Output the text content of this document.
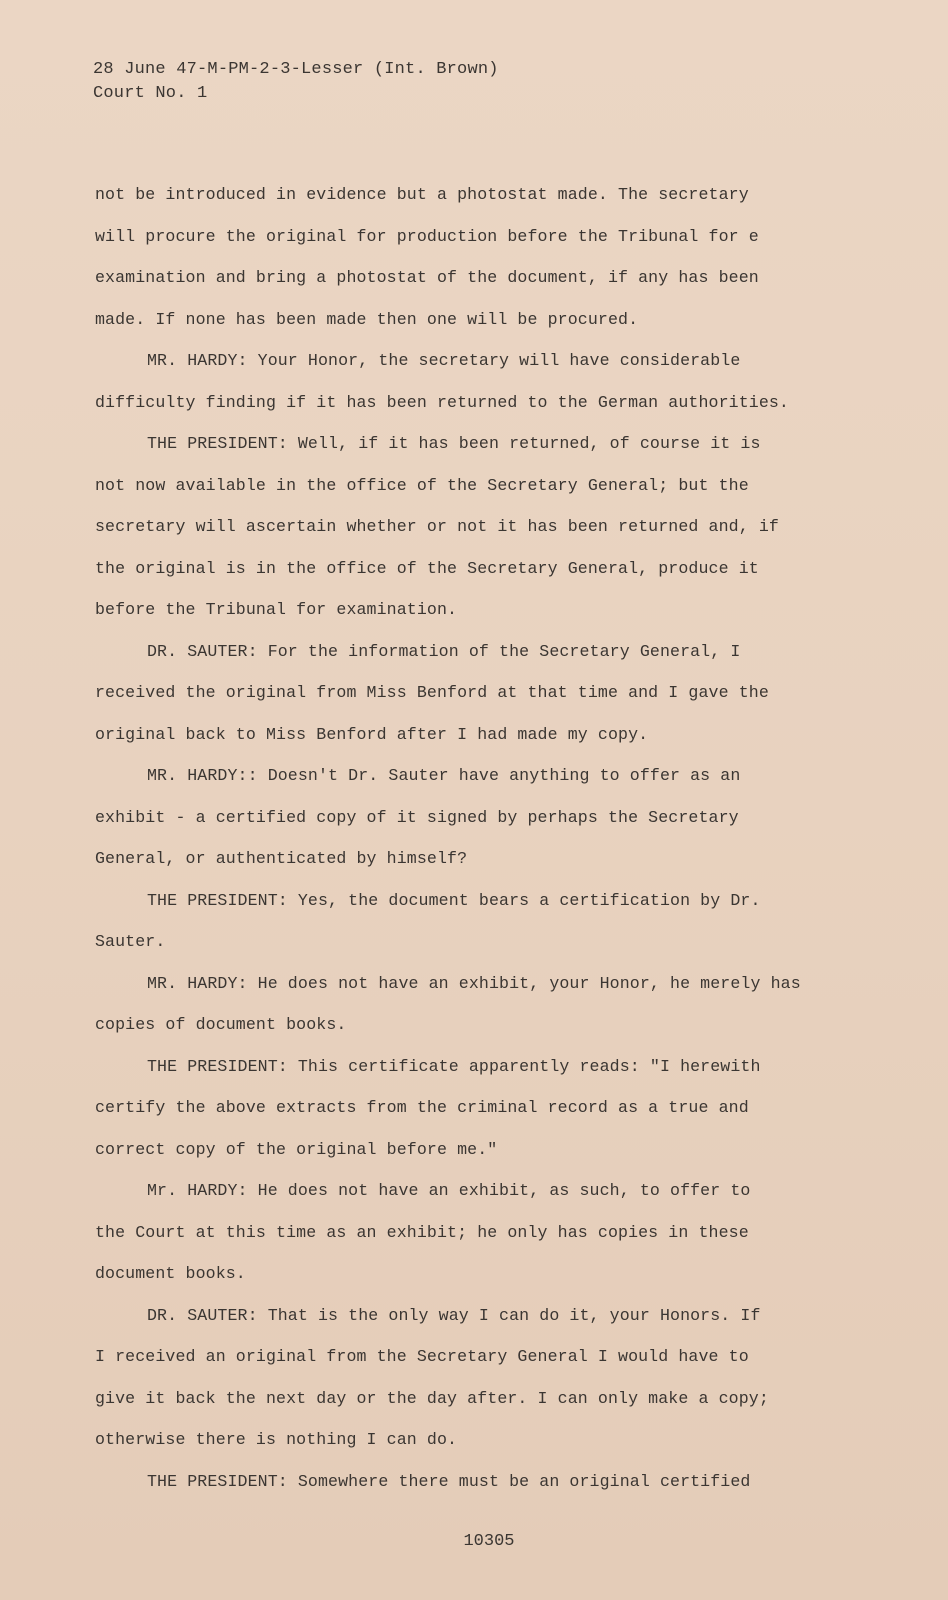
28 June 47-M-PM-2-3-Lesser (Int. Brown)
Court No. 1
not be introduced in evidence but a photostat made. The secretary
will procure the original for production before the Tribunal for e
examination and bring a photostat of the document, if any has been
made. If none has been made then one will be procured.
MR. HARDY: Your Honor, the secretary will have considerable
difficulty finding if it has been returned to the German authorities.
THE PRESIDENT: Well, if it has been returned, of course it is
not now available in the office of the Secretary General; but the
secretary will ascertain whether or not it has been returned and, if
the original is in the office of the Secretary General, produce it
before the Tribunal for examination.
DR. SAUTER: For the information of the Secretary General, I
received the original from Miss Benford at that time and I gave the
original back to Miss Benford after I had made my copy.
MR. HARDY:: Doesn't Dr. Sauter have anything to offer as an
exhibit - a certified copy of it signed by perhaps the Secretary
General, or authenticated by himself?
THE PRESIDENT: Yes, the document bears a certification by Dr.
Sauter.
MR. HARDY: He does not have an exhibit, your Honor, he merely has
copies of document books.
THE PRESIDENT: This certificate apparently reads: "I herewith
certify the above extracts from the criminal record as a true and
correct copy of the original before me."
Mr. HARDY: He does not have an exhibit, as such, to offer to
the Court at this time as an exhibit; he only has copies in these
document books.
DR. SAUTER: That is the only way I can do it, your Honors. If
I received an original from the Secretary General I would have to
give it back the next day or the day after. I can only make a copy;
otherwise there is nothing I can do.
THE PRESIDENT: Somewhere there must be an original certified
10305
